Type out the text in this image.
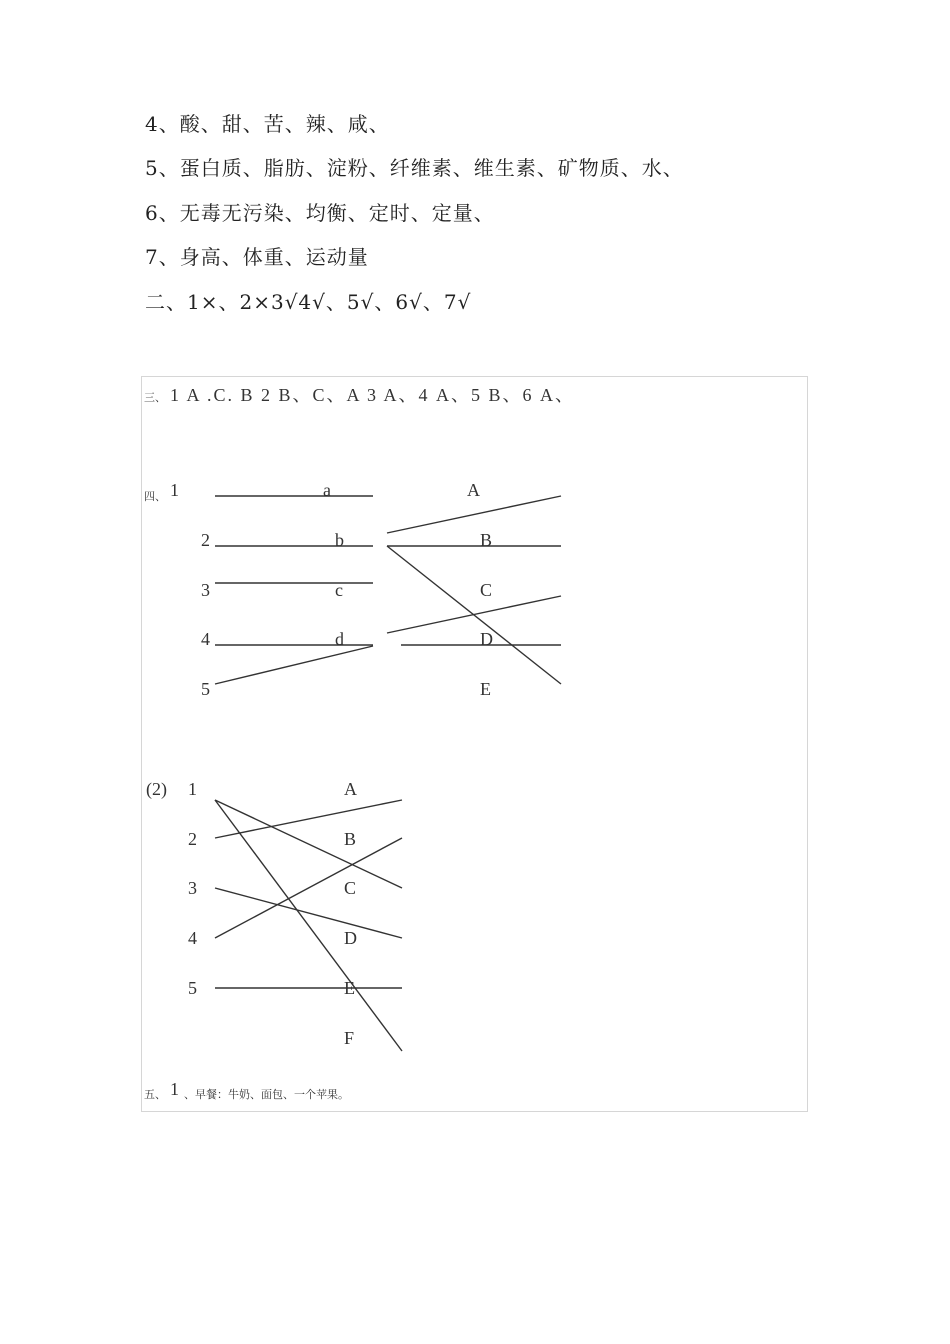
4、酸、甜、苦、辣、咸、
5、蛋白质、脂肪、淀粉、纤维素、维生素、矿物质、水、
6、无毒无污染、均衡、定时、定量、
7、身高、体重、运动量
二、1×、2×3√4√、5√、6√、7√
三、 1 A .C. B 2 B、C、A 3 A、4 A、5 B、6 A、
四、 1
2
3
4
5
a
b
c
d
A
B
C
D
E
(2) 1
2
3
4
5
A
B
C
D
E
F
五、 1 、早餐：牛奶、面包、一个苹果。
